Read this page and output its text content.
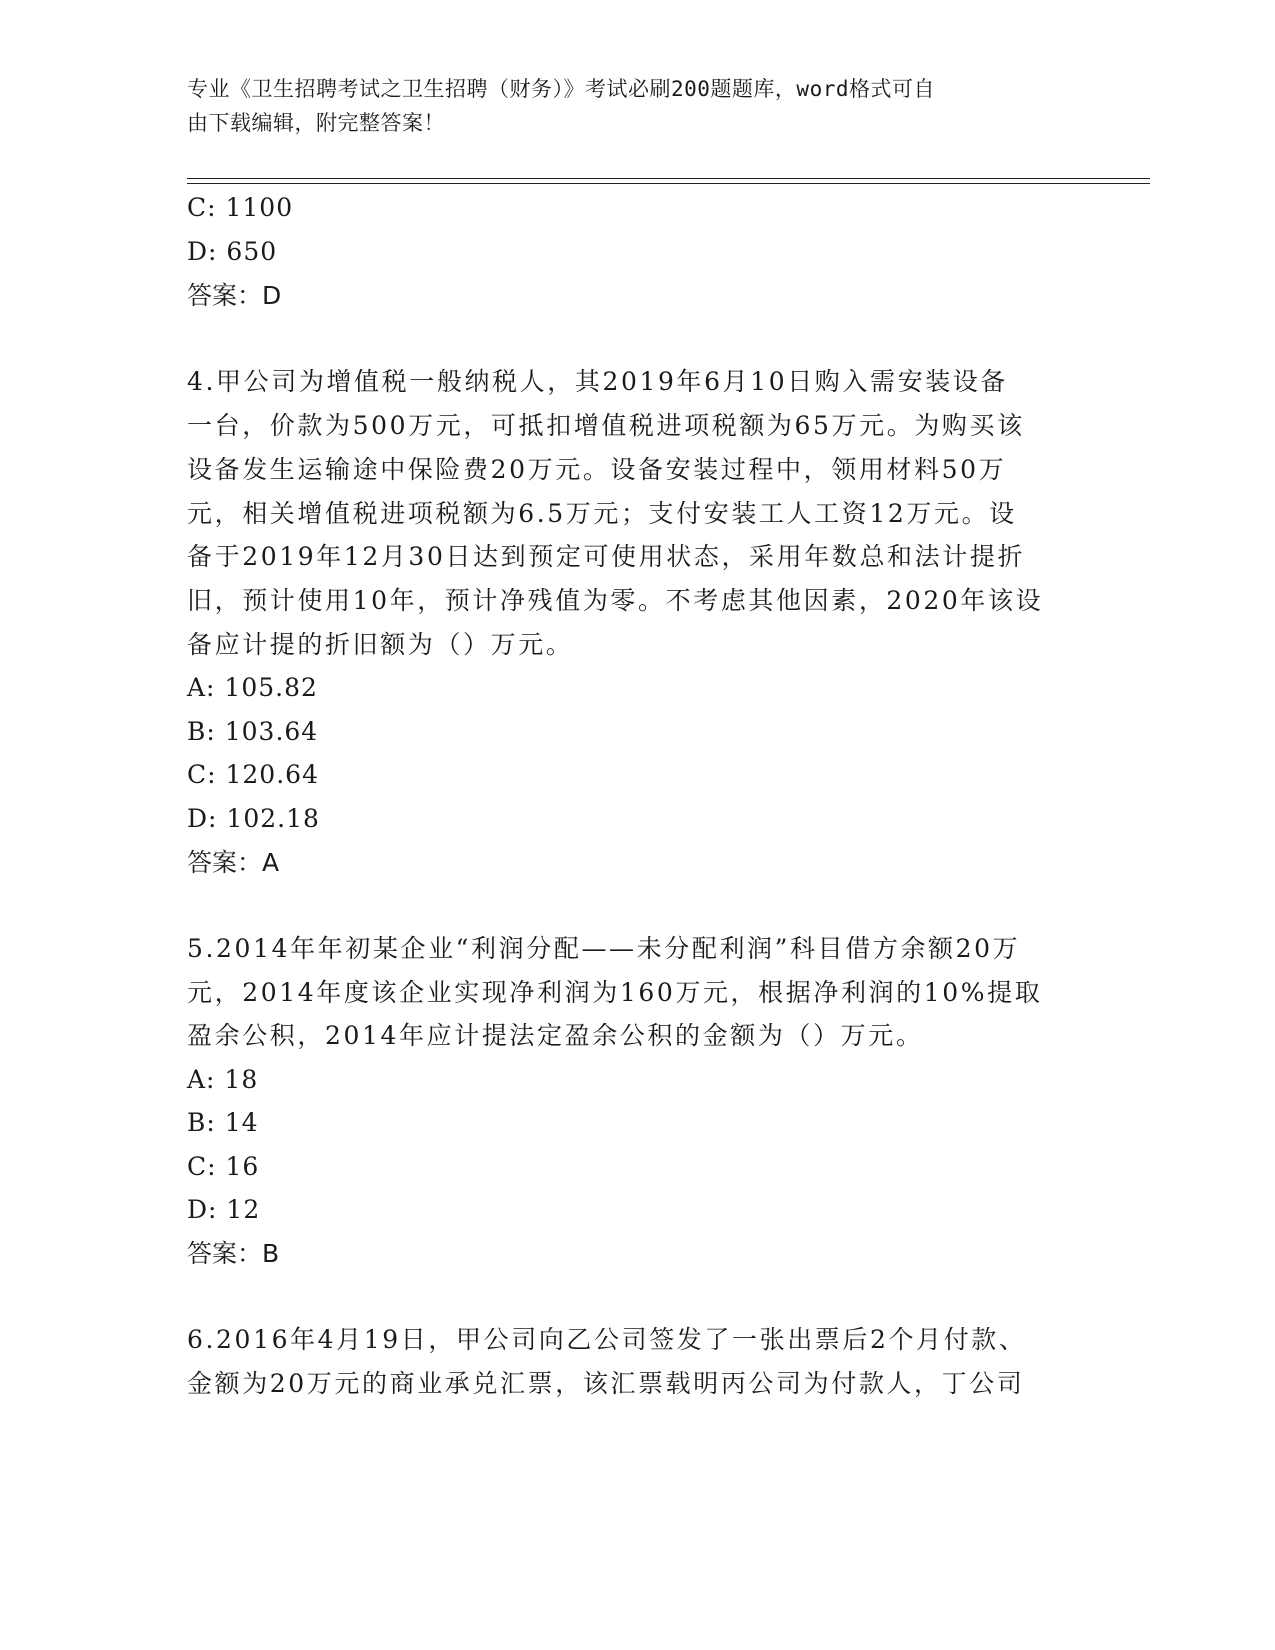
专业《卫生招聘考试之卫生招聘（财务）》考试必刷200题题库，word格式可自
由下载编辑，附完整答案！
C: 1100
D: 650
答案：D
4.甲公司为增值税一般纳税人，其2019年6月10日购入需安装设备
一台，价款为500万元，可抵扣增值税进项税额为65万元。为购买该
设备发生运输途中保险费20万元。设备安装过程中，领用材料50万
元，相关增值税进项税额为6.5万元；支付安装工人工资12万元。设
备于2019年12月30日达到预定可使用状态，采用年数总和法计提折
旧，预计使用10年，预计净残值为零。不考虑其他因素，2020年该设
备应计提的折旧额为（）万元。
A: 105.82
B: 103.64
C: 120.64
D: 102.18
答案：A
5.2014年年初某企业“利润分配——未分配利润”科目借方余额20万
元，2014年度该企业实现净利润为160万元，根据净利润的10%提取
盈余公积，2014年应计提法定盈余公积的金额为（）万元。
A: 18
B: 14
C: 16
D: 12
答案：B
6.2016年4月19日，甲公司向乙公司签发了一张出票后2个月付款、
金额为20万元的商业承兑汇票，该汇票载明丙公司为付款人，丁公司
